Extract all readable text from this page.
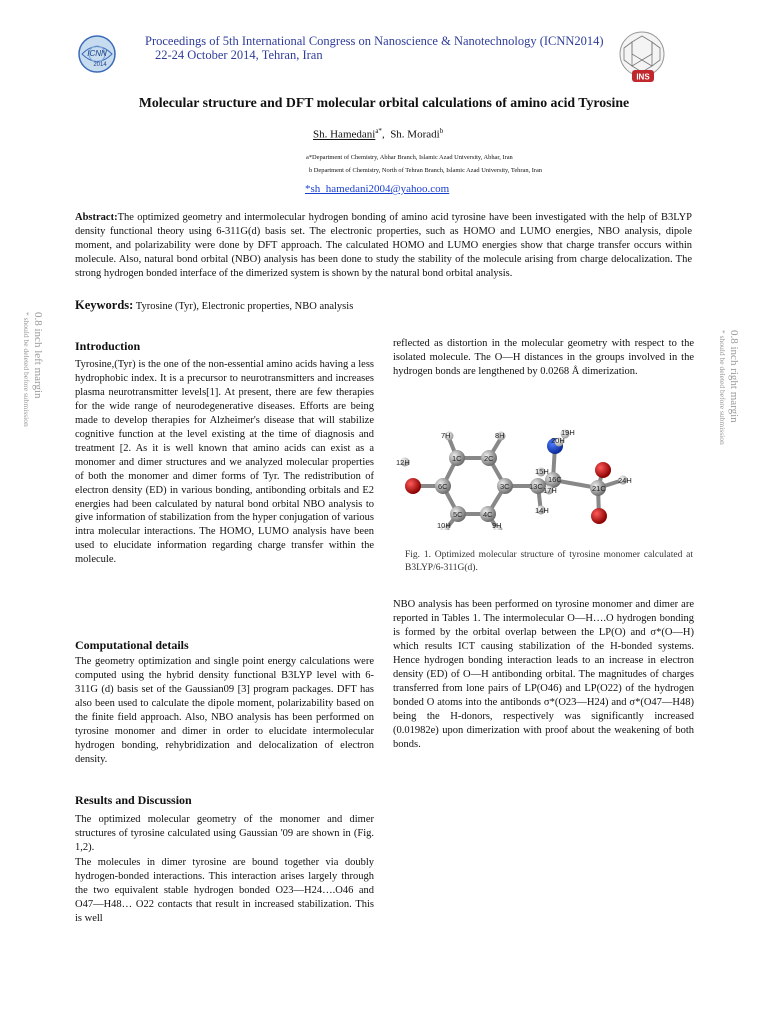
ICNN
2014
INS
Proceedings of 5th International Congress on Nanoscience & Nanotechnology (ICNN2014)
22-24 October 2014, Tehran, Iran
Molecular structure and DFT molecular orbital calculations of amino acid Tyrosine
Sh. Hamedani$^{a*}$,  Sh. Moradi$^b$
a*Department of Chemistry, Abhar Branch, Islamic Azad University, Abhar, Iran
b Department of Chemistry, North of Tehran Branch, Islamic Azad University, Tehran, Iran
*sh_hamedani2004@yahoo.com
Abstract:The optimized geometry and intermolecular hydrogen bonding of amino acid tyrosine have been investigated with the help of B3LYP density functional theory using 6-311G(d) basis set. The electronic properties, such as HOMO and LUMO energies, NBO analysis, dipole moment, and polarizability were done by DFT approach. The calculated HOMO and LUMO energies show that charge transfer occurs within molecule. Also, natural bond orbital (NBO) analysis has been done to study the stability of the molecule arising from charge delocalization. The strong hydrogen bonded interface of the dimerized system is shown by the natural bond orbital analysis.
Keywords: Tyrosine (Tyr), Electronic properties, NBO analysis
0.8 inch left margin
* should be deleted before submission	0.8 inch right margin
* should be deleted before submission
Introduction
Tyrosine,(Tyr) is the one of the non-essential amino acids having a less hydrophobic index. It is a precursor to neurotransmitters and increases plasma neurotransmitter levels[1]. At present, there are few therapies for the wide range of neurodegenerative diseases. Efforts are being made to develop therapies for Alzheimer's disease that will stabilize cognitive function at the level existing at the time of diagnosis and treatment [2. As it is well known that amino acids can exist as a monomer and dimer structures and we analyzed molecular properties of both the monomer and dimer forms of Tyr. The redistribution of electron density (ED) in various bonding, antibonding orbitals and E2 energies had been calculated by natural bond orbital NBO analysis to give information of stabilization from the hyper conjugation of various intra molecular interactions. The HOMO, LUMO analysis have been used to elucidate information regarding charge transfer within the molecule.
Computational details
The geometry optimization and single point energy calculations were computed using the hybrid density functional B3LYP level with 6-311G (d) basis set of the Gaussian09 [3] program packages. DFT has also been used to calculate the dipole moment, polarizability based on the finite field approach. Also, NBO analysis has been performed on tyrosine monomer and dimer in order to elucidate intermolecular hydrogen bonding, rehybridization and delocalization of electron density.
Results and Discussion
The optimized molecular geometry of the monomer and dimer structures of tyrosine calculated using Gaussian '09 are shown in (Fig. 1,2).
The molecules in dimer tyrosine are bound together via doubly hydrogen-bonded interactions. This interaction arises largely through the two equivalent stable hydrogen bonded O23—H24….O46 and O47—H48… O22 contacts that result in increased stabilization. This is well
reflected as distortion in the molecular geometry with respect to the isolated molecule. The O—H distances in the groups involved in the hydrogen bonds are lengthened by 0.0268 Å dimerization.
7H	8H	19H
20H
12H	1C	2C
6C	3C	13C
15H
16C
17H	21C
24H
5C	4C	14H
10H	9H
Fig. 1. Optimized molecular structure of tyrosine monomer calculated at B3LYP/6-311G(d).
NBO analysis has been performed on tyrosine monomer and dimer are reported in Tables 1. The intermolecular O—H….O hydrogen bonding is formed by the orbital overlap between the LP(O) and σ*(O—H) which results ICT causing stabilization of the H-bonded systems. Hence hydrogen bonding interaction leads to an increase in electron density (ED) of O—H antibonding orbital. The magnitudes of charges transferred from lone pairs of LP(O46) and LP(O22) of the hydrogen bonded O atoms into the antibonds σ*(O23—H24) and σ*(O47—H48) being the H-donors, respectively was significantly increased (0.01982e) upon dimerization with proof about the weakening of both bonds.
